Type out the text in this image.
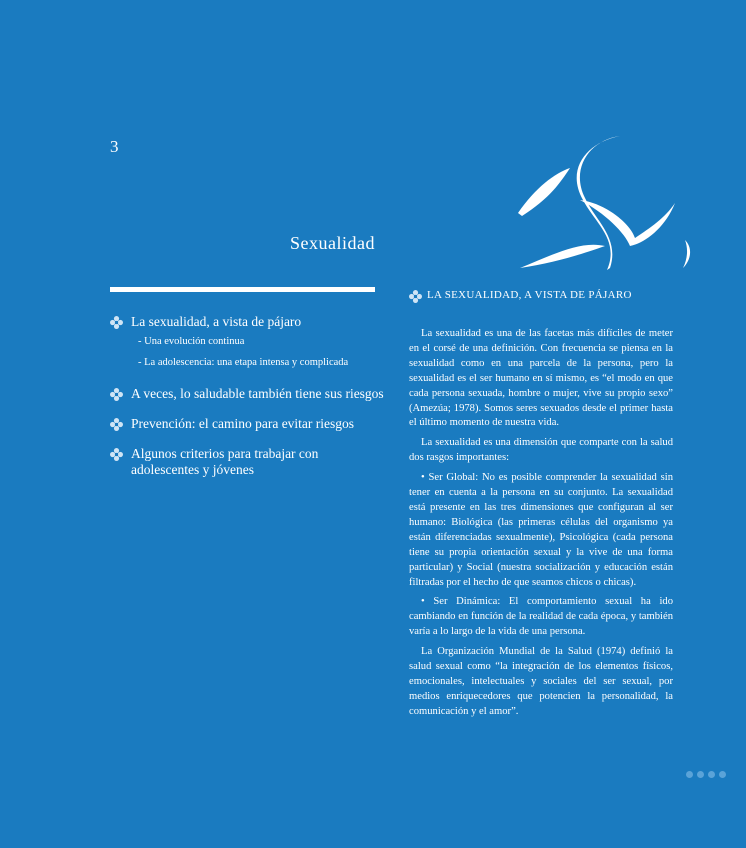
3
Sexualidad
La sexualidad, a vista de pájaro
- Una evolución continua
- La adolescencia: una etapa intensa y complicada
A veces, lo saludable también tiene sus riesgos
Prevención: el camino para evitar riesgos
Algunos criterios para trabajar con adolescentes y jóvenes
LA SEXUALIDAD, A VISTA DE PÁJARO

La sexualidad es una de las facetas más difíciles de meter en el corsé de una definición. Con frecuencia se piensa en la sexualidad como en una parcela de la persona, pero la sexualidad es el ser humano en sí mismo, es “el modo en que cada persona sexuada, hombre o mujer, vive su propio sexo” (Amezúa; 1978). Somos seres sexuados desde el primer hasta el último momento de nuestra vida.

La sexualidad es una dimensión que comparte con la salud dos rasgos importantes:

• Ser Global: No es posible comprender la sexualidad sin tener en cuenta a la persona en su conjunto. La sexualidad está presente en las tres dimensiones que configuran al ser humano: Biológica (las primeras células del organismo ya están diferenciadas sexualmente), Psicológica (cada persona tiene su propia orientación sexual y la vive de una forma particular) y Social (nuestra socialización y educación están filtradas por el hecho de que seamos chicos o chicas).

• Ser Dinámica: El comportamiento sexual ha ido cambiando en función de la realidad de cada época, y también varía a lo largo de la vida de una persona.

La Organización Mundial de la Salud (1974) definió la salud sexual como “la integración de los elementos físicos, emocionales, intelectuales y sociales del ser sexual, por medios enriquecedores que potencien la personalidad, la comunicación y el amor”.
